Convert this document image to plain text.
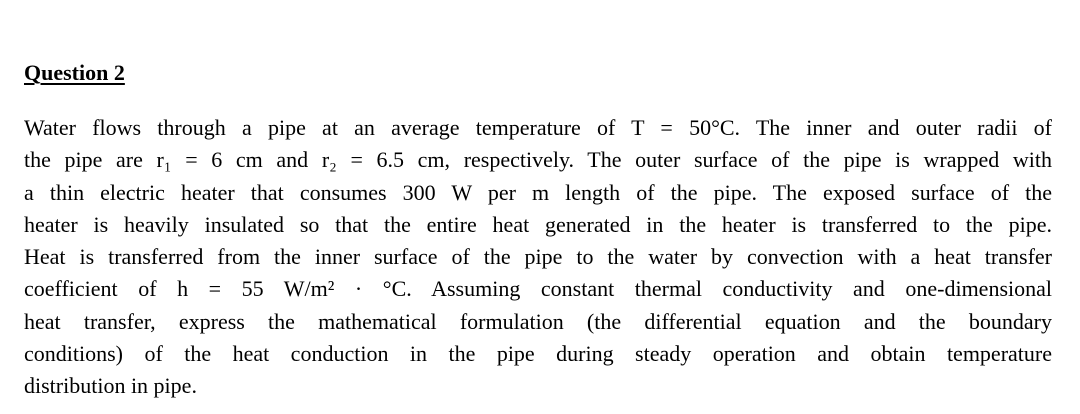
Question 2

Water flows through a pipe at an average temperature of T = 50°C. The inner and outer radii of
the pipe are r₁ = 6 cm and r₂ = 6.5 cm, respectively. The outer surface of the pipe is wrapped with
a thin electric heater that consumes 300 W per m length of the pipe. The exposed surface of the
heater is heavily insulated so that the entire heat generated in the heater is transferred to the pipe.
Heat is transferred from the inner surface of the pipe to the water by convection with a heat transfer
coefficient of h = 55 W/m² · °C. Assuming constant thermal conductivity and one-dimensional
heat transfer, express the mathematical formulation (the differential equation and the boundary
conditions) of the heat conduction in the pipe during steady operation and obtain temperature
distribution in pipe.
